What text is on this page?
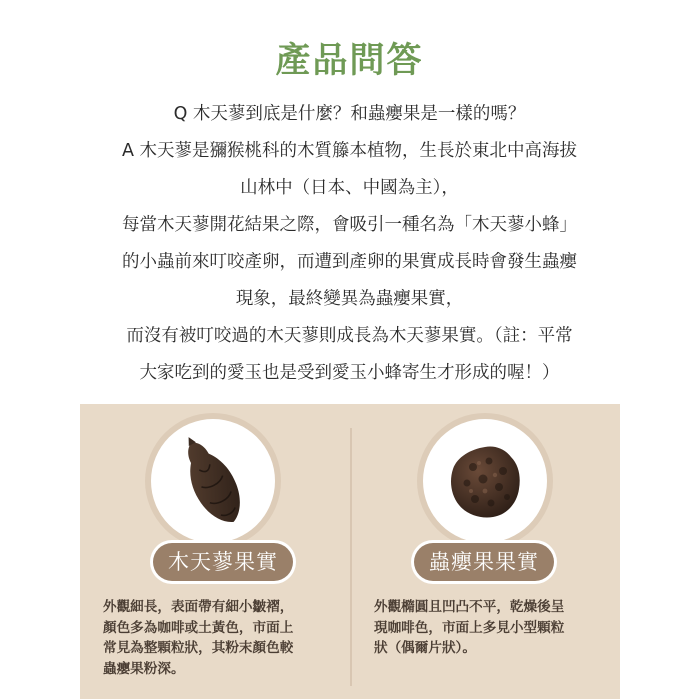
產品問答

Q 木天蓼到底是什麼？和蟲癭果是一樣的嗎？

A 木天蓼是獼猴桃科的木質籐本植物，生長於東北中高海拔

山林中（日本、中國為主），

每當木天蓼開花結果之際，會吸引一種名為「木天蓼小蜂」

的小蟲前來叮咬產卵，而遭到產卵的果實成長時會發生蟲癭

現象，最終變異為蟲癭果實，

而沒有被叮咬過的木天蓼則成長為木天蓼果實。（註：平常

大家吃到的愛玉也是受到愛玉小蜂寄生才形成的喔！）

木天蓼果實
外觀細長，表面帶有細小皺褶，
顏色多為咖啡或土黃色，市面上
常見為整顆粒狀，其粉末顏色較
蟲癭果粉深。
蟲癭果果實
外觀橢圓且凹凸不平，乾燥後呈
現咖啡色，市面上多見小型顆粒
狀（偶爾片狀）。
